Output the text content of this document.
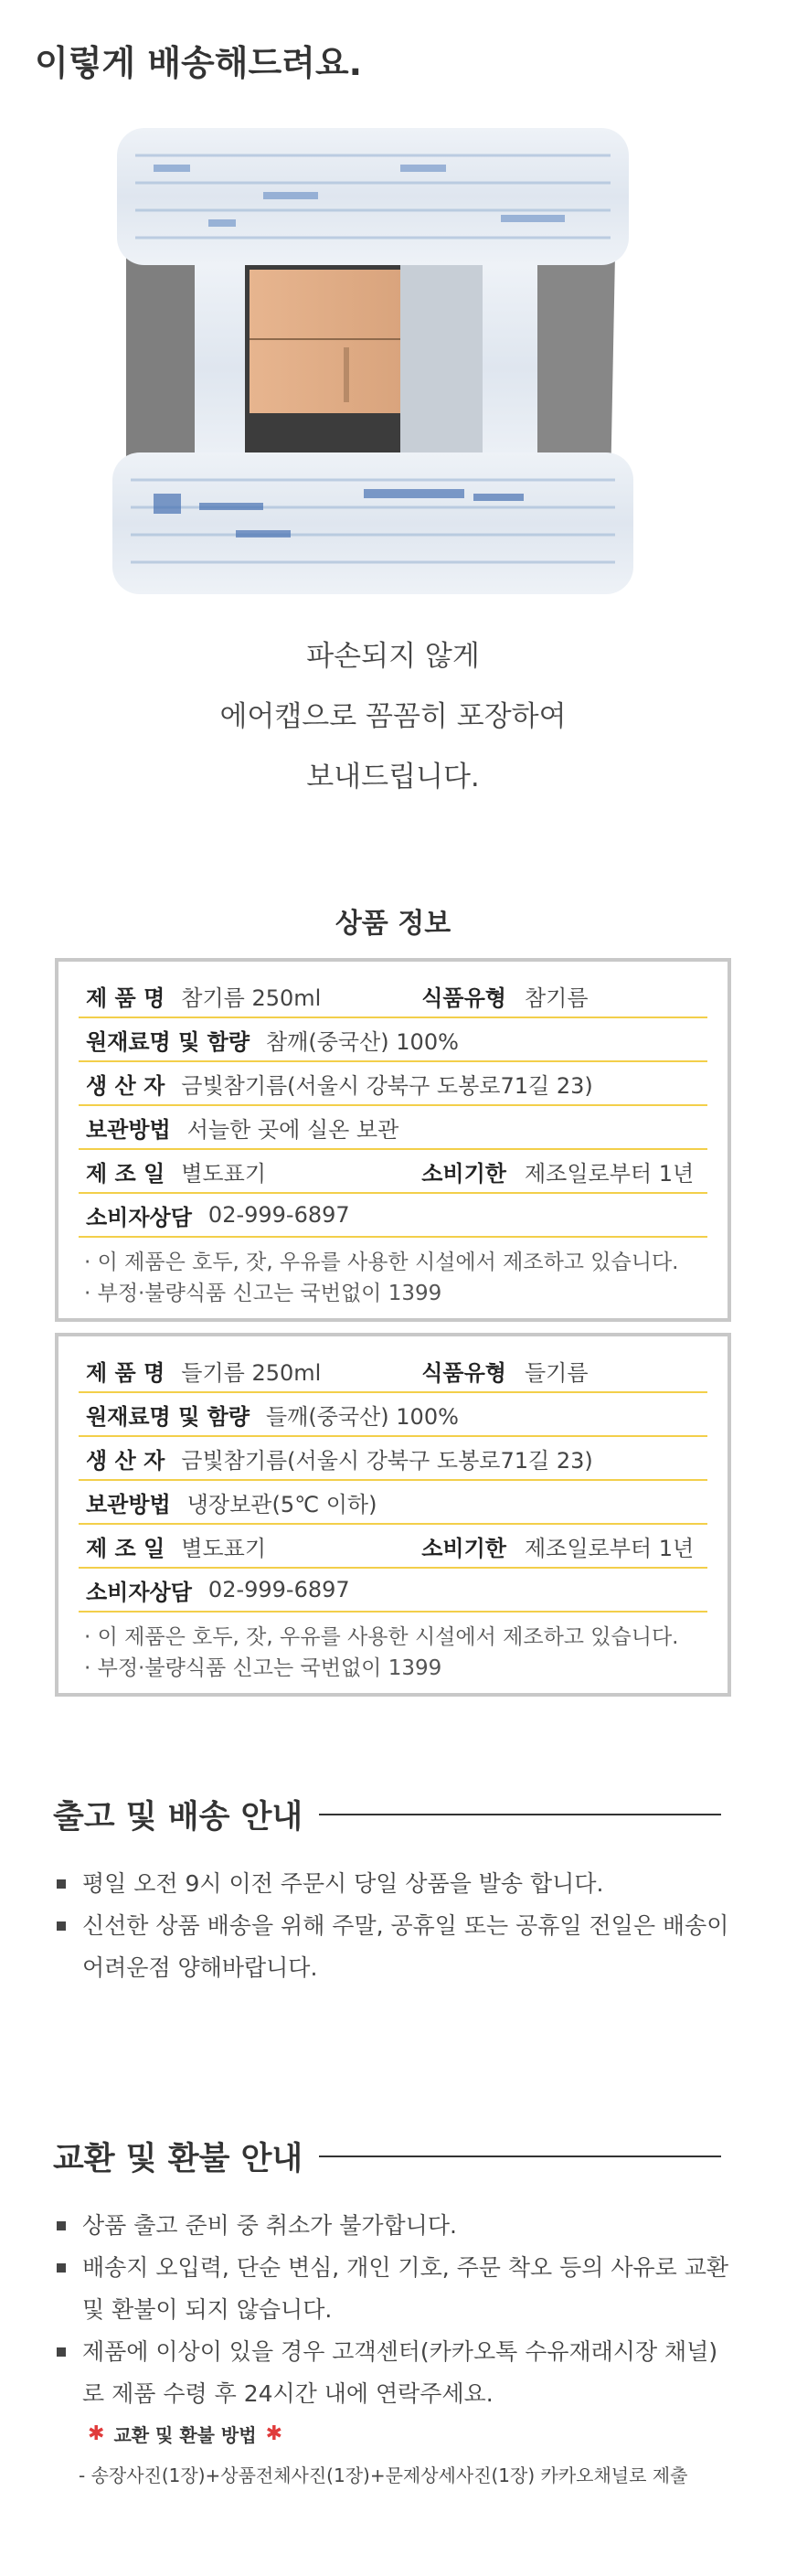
이렇게 배송해드려요.
파손되지 않게
에어캡으로 꼼꼼히 포장하여
보내드립니다.
상품 정보
제 품 명 참기름 250ml	식품유형 참기름
원재료명 및 함량 참깨(중국산) 100%
생 산 자 금빛참기름(서울시 강북구 도봉로71길 23)
보관방법 서늘한 곳에 실온 보관
제 조 일 별도표기	소비기한 제조일로부터 1년
소비자상담 02-999-6897
· 이 제품은 호두, 잣, 우유를 사용한 시설에서 제조하고 있습니다.
· 부정·불량식품 신고는 국번없이 1399
제 품 명 들기름 250ml	식품유형 들기름
원재료명 및 함량 들깨(중국산) 100%
생 산 자 금빛참기름(서울시 강북구 도봉로71길 23)
보관방법 냉장보관(5℃ 이하)
제 조 일 별도표기	소비기한 제조일로부터 1년
소비자상담 02-999-6897
· 이 제품은 호두, 잣, 우유를 사용한 시설에서 제조하고 있습니다.
· 부정·불량식품 신고는 국번없이 1399
출고 및 배송 안내
평일 오전 9시 이전 주문시 당일 상품을 발송 합니다.
신선한 상품 배송을 위해 주말, 공휴일 또는 공휴일 전일은 배송이
어려운점 양해바랍니다.
교환 및 환불 안내
상품 출고 준비 중 취소가 불가합니다.
배송지 오입력, 단순 변심, 개인 기호, 주문 착오 등의 사유로 교환
및 환불이 되지 않습니다.
제품에 이상이 있을 경우 고객센터(카카오톡 수유재래시장 채널)
로 제품 수령 후 24시간 내에 연락주세요.
✱ 교환 및 환불 방법 ✱
- 송장사진(1장)+상품전체사진(1장)+문제상세사진(1장) 카카오채널로 제출
